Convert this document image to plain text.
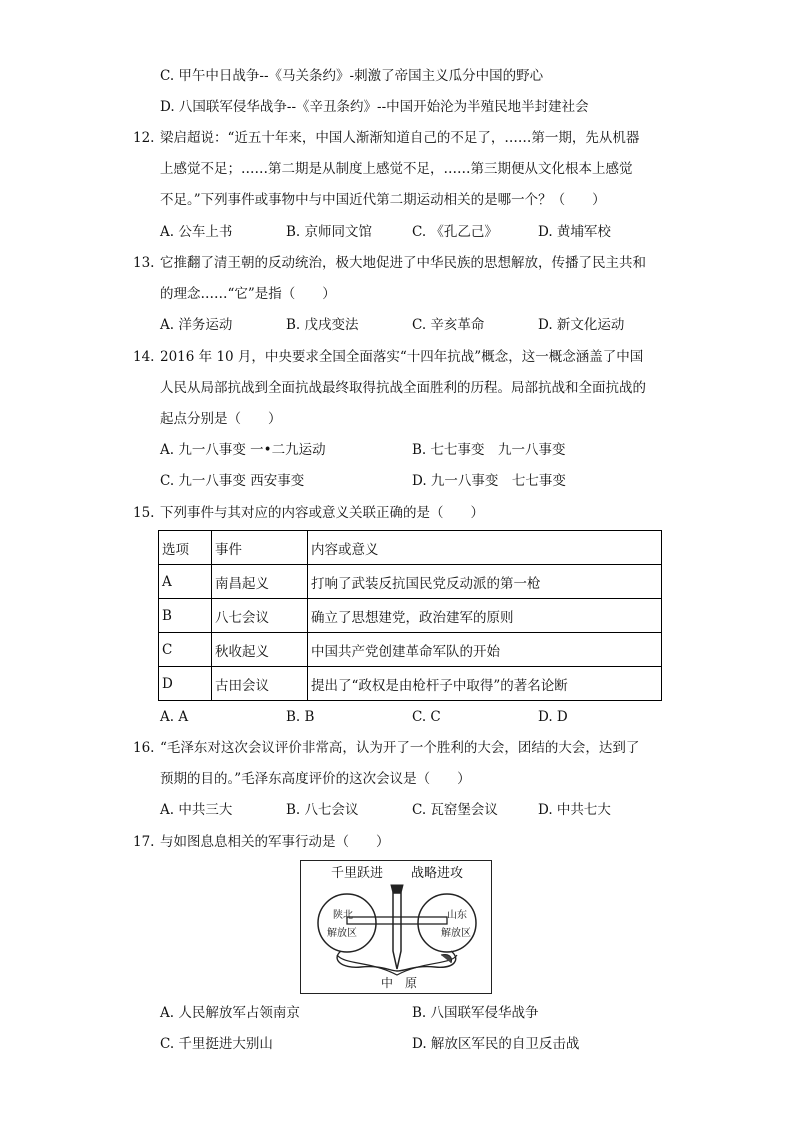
C. 甲午中日战争--《马关条约》-刺激了帝国主义瓜分中国的野心
D. 八国联军侵华战争--《辛丑条约》--中国开始沦为半殖民地半封建社会
12. 梁启超说：“近五十年来，中国人渐渐知道自己的不足了，……第一期，先从机器
上感觉不足；……第二期是从制度上感觉不足，……第三期便从文化根本上感觉
不足。”下列事件或事物中与中国近代第二期运动相关的是哪一个？（　　）
A. 公车上书	B. 京师同文馆	C. 《孔乙己》	D. 黄埔军校
13. 它推翻了清王朝的反动统治，极大地促进了中华民族的思想解放，传播了民主共和
的理念……“它”是指（　　）
A. 洋务运动	B. 戊戌变法	C. 辛亥革命	D. 新文化运动
14. 2016 年 10 月，中央要求全国全面落实“十四年抗战”概念，这一概念涵盖了中国
人民从局部抗战到全面抗战最终取得抗战全面胜利的历程。局部抗战和全面抗战的
起点分别是（　　）
A. 九一八事变 一•二九运动	B. 七七事变　九一八事变
C. 九一八事变 西安事变	D. 九一八事变　七七事变
15. 下列事件与其对应的内容或意义关联正确的是（　　）
选项	事件	内容或意义
A	南昌起义	打响了武装反抗国民党反动派的第一枪
B	八七会议	确立了思想建党，政治建军的原则
C	秋收起义	中国共产党创建革命军队的开始
D	古田会议	提出了“政权是由枪杆子中取得”的著名论断
A. A	B. B	C. C	D. D
16. “毛泽东对这次会议评价非常高，认为开了一个胜利的大会，团结的大会，达到了
预期的目的。”毛泽东高度评价的这次会议是（　　）
A. 中共三大	B. 八七会议	C. 瓦窑堡会议	D. 中共七大
17. 与如图息息相关的军事行动是（　　）
千里跃进 战略进攻
陕北
解放区
山东
解放区
中　原
A. 人民解放军占领南京	B. 八国联军侵华战争
C. 千里挺进大别山	D. 解放区军民的自卫反击战
